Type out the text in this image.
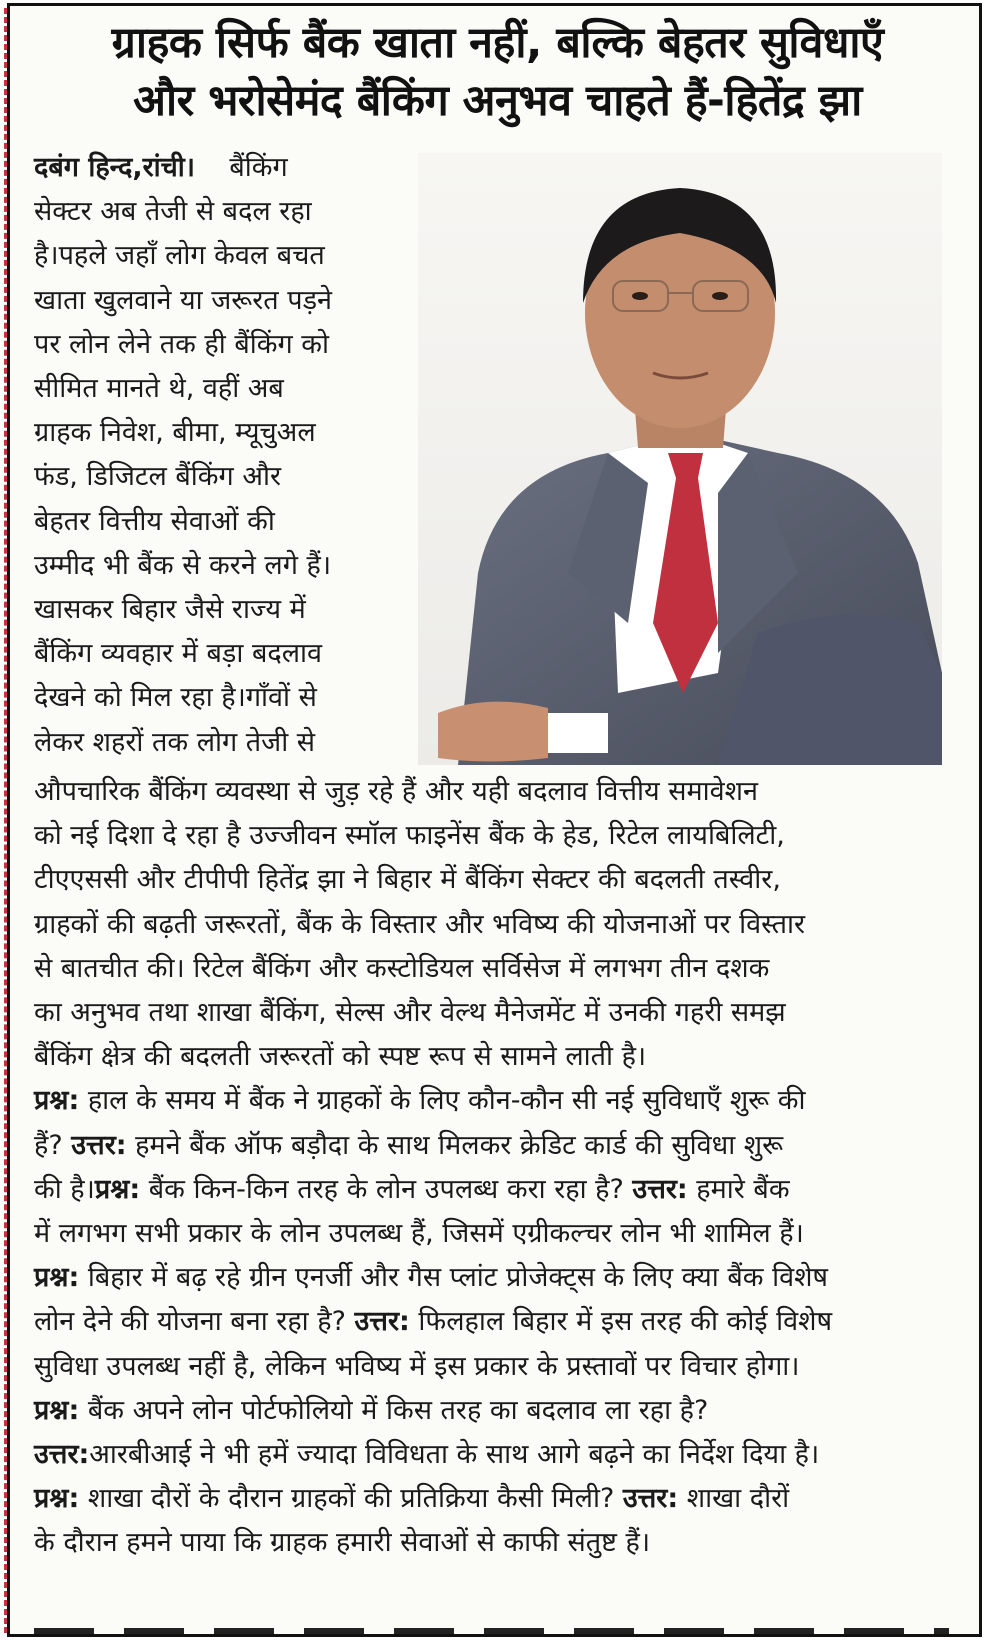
ग्राहक सिर्फ बैंक खाता नहीं, बल्कि बेहतर सुविधाएँ
और भरोसेमंद बैंकिंग अनुभव चाहते हैं-हितेंद्र झा
दबंग हिन्द,रांची। बैंकिंग
सेक्टर अब तेजी से बदल रहा
है।पहले जहाँ लोग केवल बचत
खाता खुलवाने या जरूरत पड़ने
पर लोन लेने तक ही बैंकिंग को
सीमित मानते थे, वहीं अब
ग्राहक निवेश, बीमा, म्यूचुअल
फंड, डिजिटल बैंकिंग और
बेहतर वित्तीय सेवाओं की
उम्मीद भी बैंक से करने लगे हैं।
खासकर बिहार जैसे राज्य में
बैंकिंग व्यवहार में बड़ा बदलाव
देखने को मिल रहा है।गाँवों से
लेकर शहरों तक लोग तेजी से
औपचारिक बैंकिंग व्यवस्था से जुड़ रहे हैं और यही बदलाव वित्तीय समावेशन
को नई दिशा दे रहा है उज्जीवन स्मॉल फाइनेंस बैंक के हेड, रिटेल लायबिलिटी,
टीएएससी और टीपीपी हितेंद्र झा ने बिहार में बैंकिंग सेक्टर की बदलती तस्वीर,
ग्राहकों की बढ़ती जरूरतों, बैंक के विस्तार और भविष्य की योजनाओं पर विस्तार
से बातचीत की। रिटेल बैंकिंग और कस्टोडियल सर्विसेज में लगभग तीन दशक
का अनुभव तथा शाखा बैंकिंग, सेल्स और वेल्थ मैनेजमेंट में उनकी गहरी समझ
बैंकिंग क्षेत्र की बदलती जरूरतों को स्पष्ट रूप से सामने लाती है।
प्रश्न: हाल के समय में बैंक ने ग्राहकों के लिए कौन-कौन सी नई सुविधाएँ शुरू की
हैं? उत्तर: हमने बैंक ऑफ बड़ौदा के साथ मिलकर क्रेडिट कार्ड की सुविधा शुरू
की है।प्रश्न: बैंक किन-किन तरह के लोन उपलब्ध करा रहा है? उत्तर: हमारे बैंक
में लगभग सभी प्रकार के लोन उपलब्ध हैं, जिसमें एग्रीकल्चर लोन भी शामिल हैं।
प्रश्न: बिहार में बढ़ रहे ग्रीन एनर्जी और गैस प्लांट प्रोजेक्ट्स के लिए क्या बैंक विशेष
लोन देने की योजना बना रहा है? उत्तर: फिलहाल बिहार में इस तरह की कोई विशेष
सुविधा उपलब्ध नहीं है, लेकिन भविष्य में इस प्रकार के प्रस्तावों पर विचार होगा।
प्रश्न: बैंक अपने लोन पोर्टफोलियो में किस तरह का बदलाव ला रहा है?
उत्तर:आरबीआई ने भी हमें ज्यादा विविधता के साथ आगे बढ़ने का निर्देश दिया है।
प्रश्न: शाखा दौरों के दौरान ग्राहकों की प्रतिक्रिया कैसी मिली? उत्तर: शाखा दौरों
के दौरान हमने पाया कि ग्राहक हमारी सेवाओं से काफी संतुष्ट हैं।
